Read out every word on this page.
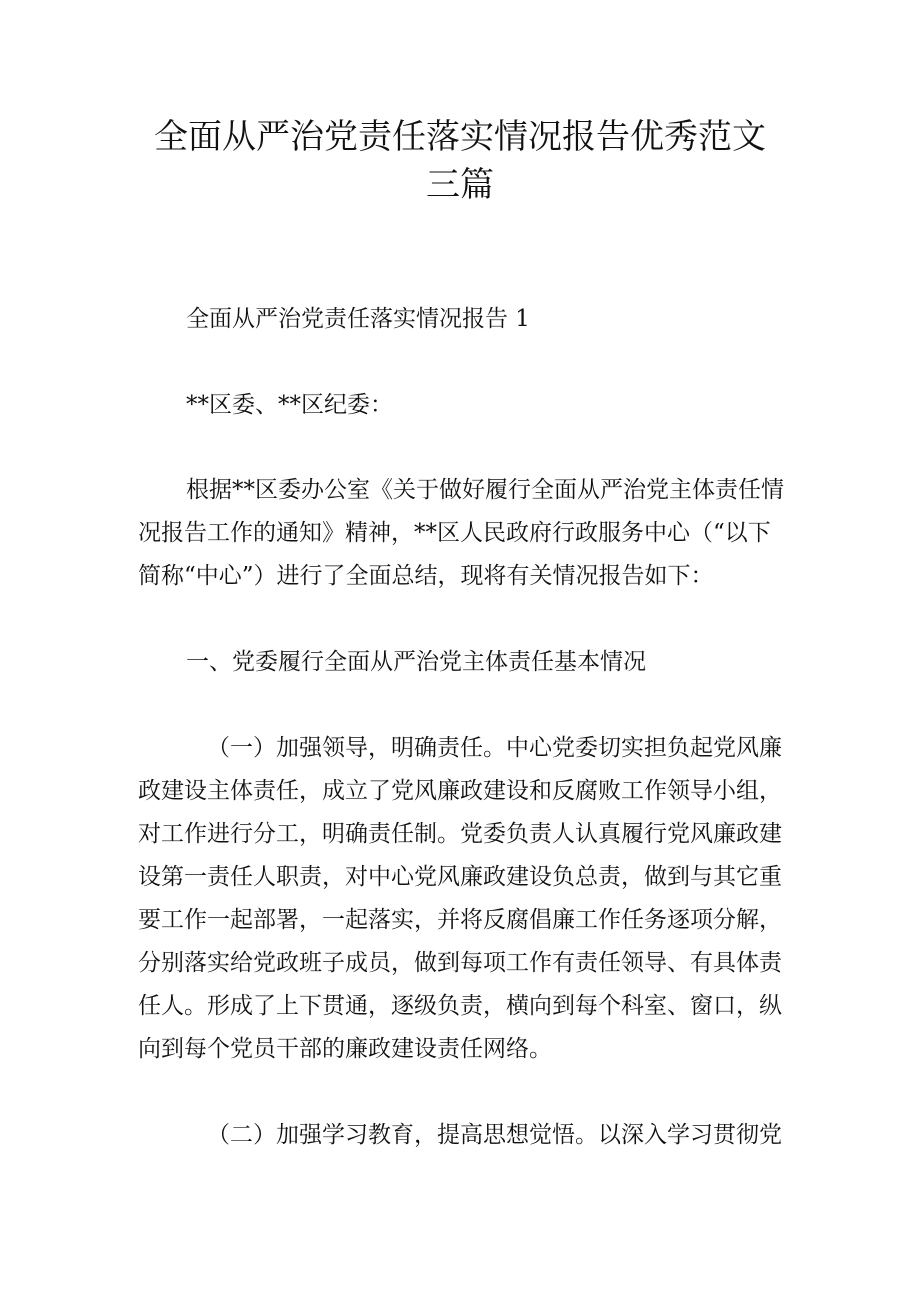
全面从严治党责任落实情况报告优秀范文
三篇
全面从严治党责任落实情况报告 1
**区委、**区纪委：
根据**区委办公室《关于做好履行全面从严治党主体责任情
况报告工作的通知》精神，**区人民政府行政服务中心（“以下
简称“中心”）进行了全面总结，现将有关情况报告如下：
一、党委履行全面从严治党主体责任基本情况
（一）加强领导，明确责任。中心党委切实担负起党风廉
政建设主体责任，成立了党风廉政建设和反腐败工作领导小组，
对工作进行分工，明确责任制。党委负责人认真履行党风廉政建
设第一责任人职责，对中心党风廉政建设负总责，做到与其它重
要工作一起部署，一起落实，并将反腐倡廉工作任务逐项分解，
分别落实给党政班子成员，做到每项工作有责任领导、有具体责
任人。形成了上下贯通，逐级负责，横向到每个科室、窗口，纵
向到每个党员干部的廉政建设责任网络。
（二）加强学习教育，提高思想觉悟。以深入学习贯彻党
